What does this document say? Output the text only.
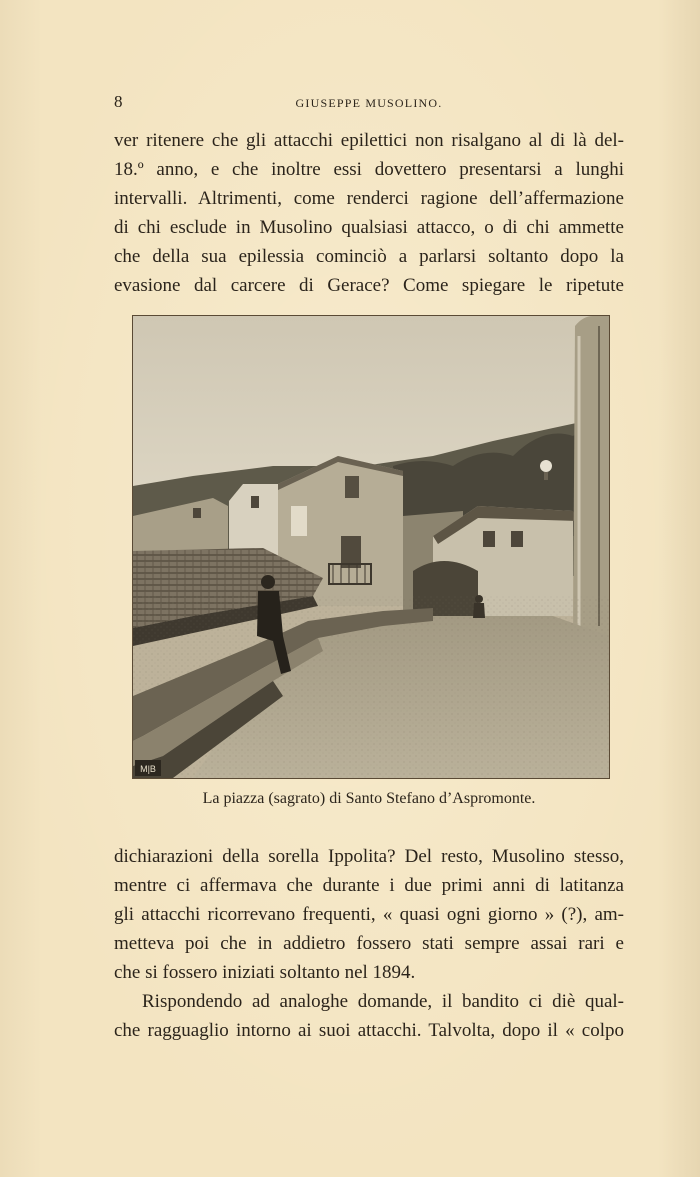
8	GIUSEPPE MUSOLINO.
ver ritenere che gli attacchi epilettici non risalgano al di là del-
18.º anno, e che inoltre essi dovettero presentarsi a lunghi
intervalli. Altrimenti, come renderci ragione dell’affermazione
di chi esclude in Musolino qualsiasi attacco, o di chi ammette
che della sua epilessia cominciò a parlarsi soltanto dopo la
evasione dal carcere di Gerace? Come spiegare le ripetute
M|B
La piazza (sagrato) di Santo Stefano d’Aspromonte.
dichiarazioni della sorella Ippolita? Del resto, Musolino stesso,
mentre ci affermava che durante i due primi anni di latitanza
gli attacchi ricorrevano frequenti, « quasi ogni giorno » (?), am-
metteva poi che in addietro fossero stati sempre assai rari e
che si fossero iniziati soltanto nel 1894.
Rispondendo ad analoghe domande, il bandito ci diè qual-
che ragguaglio intorno ai suoi attacchi. Talvolta, dopo il « colpo
